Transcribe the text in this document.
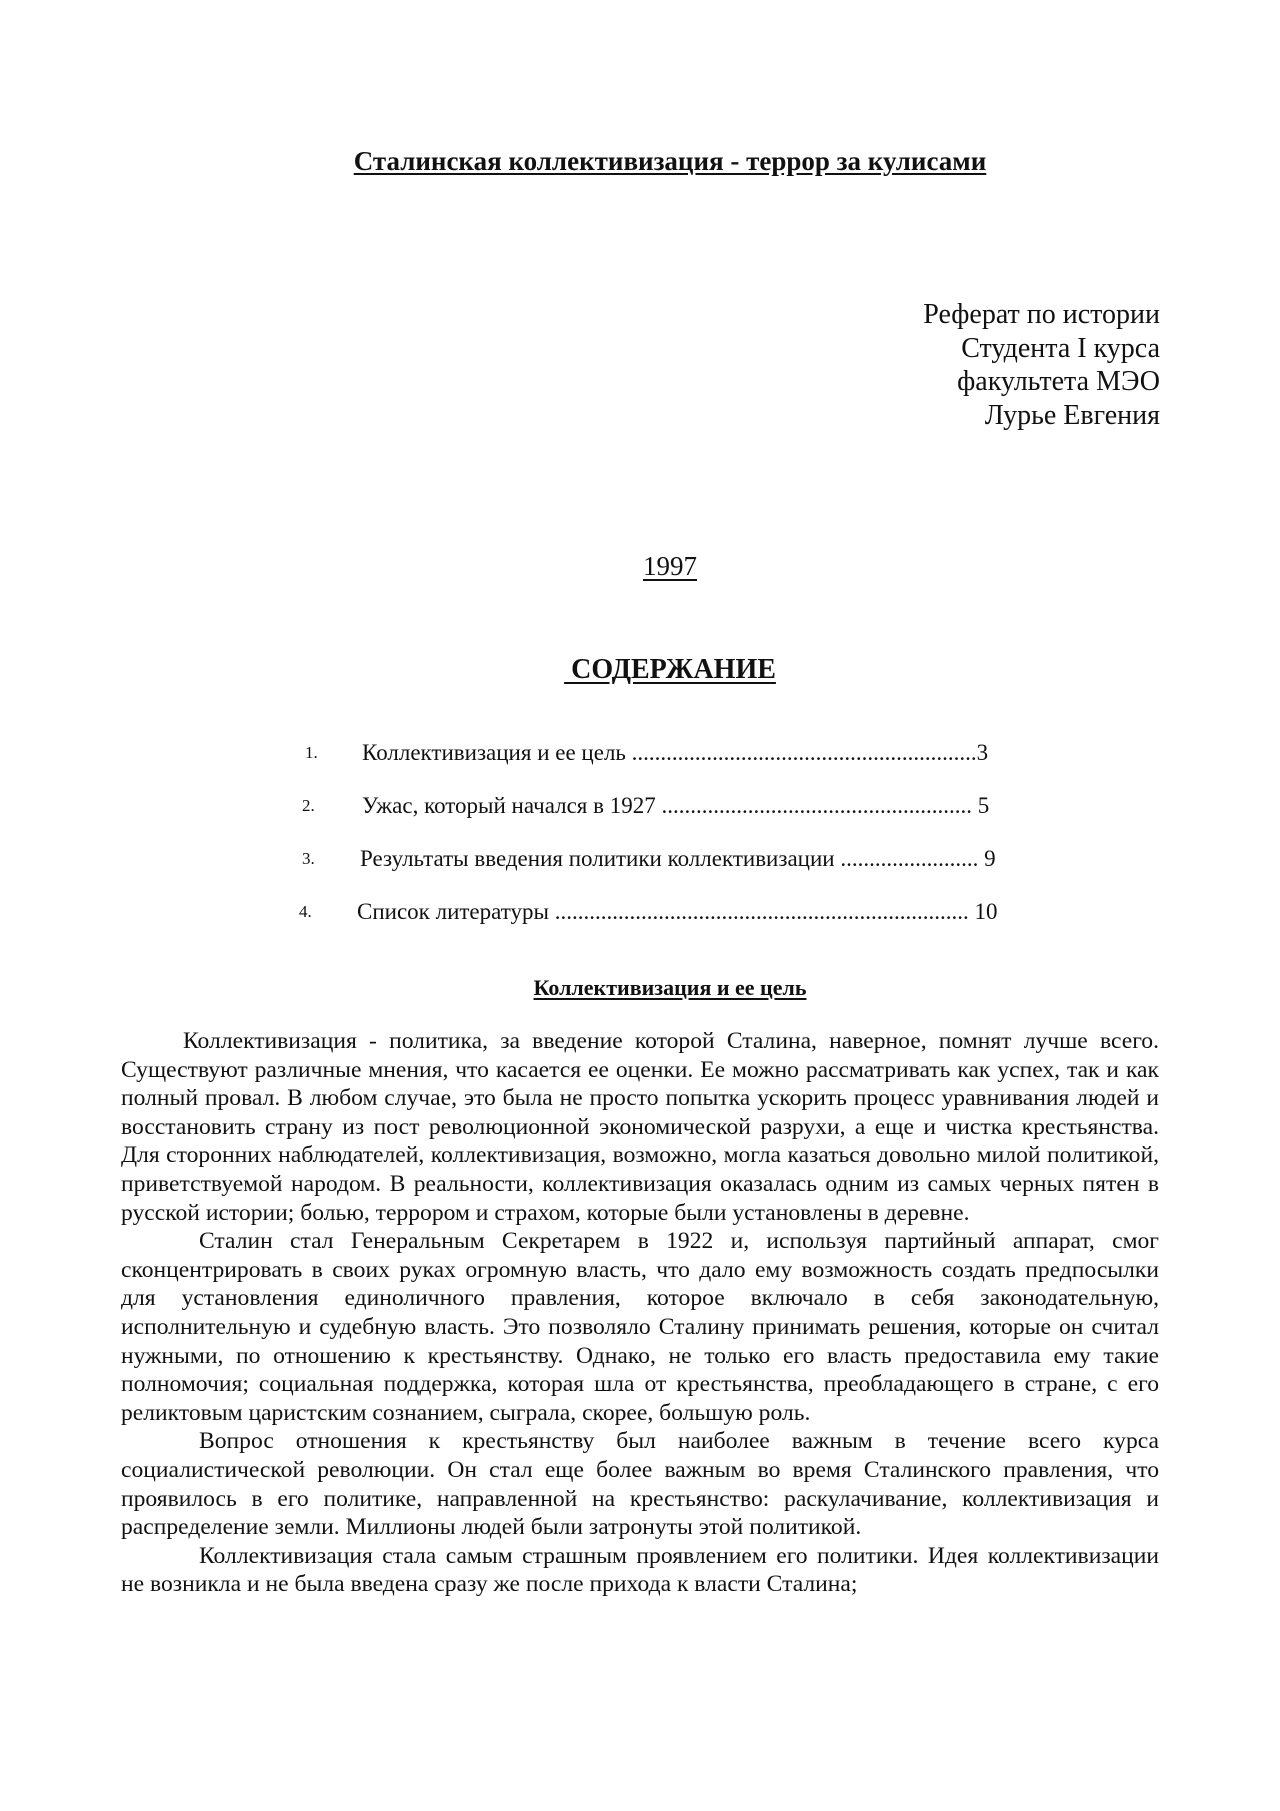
Сталинская коллективизация - террор за кулисами
Реферат по истории
Студента I курса
факультета МЭО
Лурье Евгения
1997
СОДЕРЖАНИЕ
1. Коллективизация и ее цель ............................................................3
2. Ужас, который начался в 1927 ...................................................... 5
3. Результаты введения политики коллективизации ........................ 9
4. Список литературы ........................................................................ 10
Коллективизация и ее цель

Коллективизация - политика, за введение которой Сталина, наверное, помнят лучше всего. Существуют различные мнения, что касается ее оценки. Ее можно рассматривать как успех, так и как полный провал. В любом случае, это была не просто попытка ускорить процесс уравнивания людей и восстановить страну из пост революционной экономической разрухи, а еще и чистка крестьянства. Для сторонних наблюдателей, коллективизация, возможно, могла казаться довольно милой политикой, приветствуемой народом. В реальности, коллективизация оказалась одним из самых черных пятен в русской истории; болью, террором и страхом, которые были установлены в деревне.

Сталин стал Генеральным Секретарем в 1922 и, используя партийный аппарат, смог сконцентрировать в своих руках огромную власть, что дало ему возможность создать предпосылки для установления единоличного правления, которое включало в себя законодательную, исполнительную и судебную власть. Это позволяло Сталину принимать решения, которые он считал нужными, по отношению к крестьянству. Однако, не только его власть предоставила ему такие полномочия; социальная поддержка, которая шла от крестьянства, преобладающего в стране, с его реликтовым царистским сознанием, сыграла, скорее, большую роль.

Вопрос отношения к крестьянству был наиболее важным в течение всего курса социалистической революции. Он стал еще более важным во время Сталинского правления, что проявилось в его политике, направленной на крестьянство: раскулачивание, коллективизация и распределение земли. Миллионы людей были затронуты этой политикой.

Коллективизация стала самым страшным проявлением его политики. Идея коллективизации не возникла и не была введена сразу же после прихода к власти Сталина;
